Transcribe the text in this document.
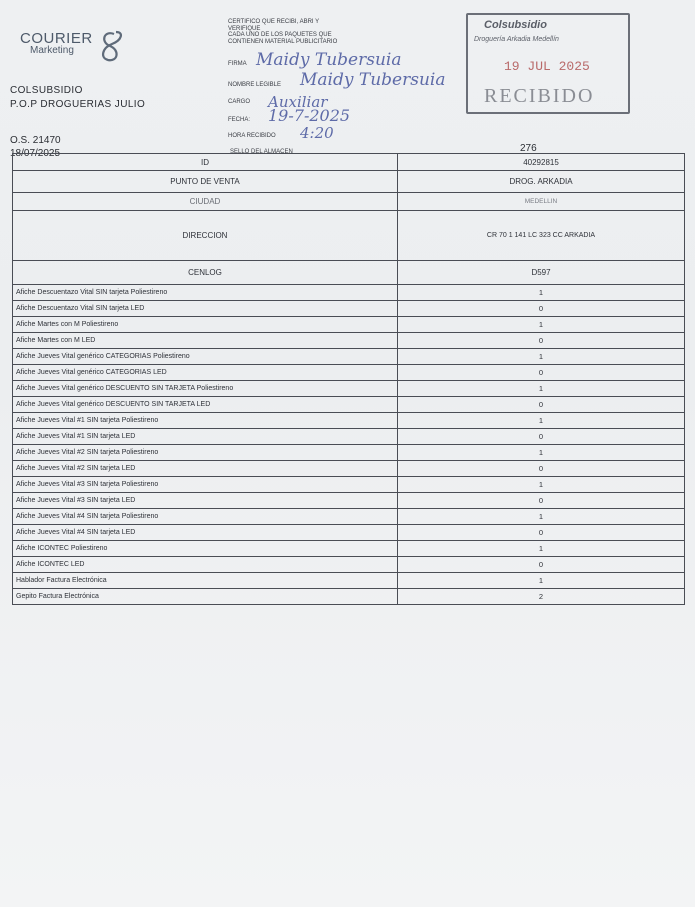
COURIER
Marketing
COLSUBSIDIO
P.O.P DROGUERIAS JULIO
O.S. 21470
18/07/2025
CERTIFICO QUE RECIBI, ABRI Y
VERIFIQUE
CADA UNO DE LOS PAQUETES QUE
CONTIENEN MATERIAL PUBLICITARIO
FIRMA Maidy Tubersuia
NOMBRE LEGIBLE Maidy Tubersuia
CARGO Auxiliar
FECHA: 19-7-2025
HORA RECIBIDO 4:20
SELLO DEL ALMACEN
Colsubsidio
Droguería Arkadia Medellín
19 JUL 2025
RECIBIDO
276
ID	40292815
PUNTO DE VENTA	DROG. ARKADIA
CIUDAD	MEDELLIN
DIRECCION	CR 70 1 141 LC 323 CC ARKADIA
CENLOG	D597
Afiche Descuentazo Vital SIN tarjeta Poliestireno	1
Afiche Descuentazo Vital SIN tarjeta LED	0
Afiche Martes con M Poliestireno	1
Afiche Martes con M LED	0
Afiche Jueves Vital genérico CATEGORIAS Poliestireno	1
Afiche Jueves Vital genérico CATEGORIAS LED	0
Afiche Jueves Vital genérico DESCUENTO SIN TARJETA Poliestireno	1
Afiche Jueves Vital genérico DESCUENTO SIN TARJETA LED	0
Afiche Jueves Vital #1 SIN tarjeta Poliestireno	1
Afiche Jueves Vital #1 SIN tarjeta LED	0
Afiche Jueves Vital #2 SIN tarjeta Poliestireno	1
Afiche Jueves Vital #2 SIN tarjeta LED	0
Afiche Jueves Vital #3 SIN tarjeta Poliestireno	1
Afiche Jueves Vital #3 SIN tarjeta LED	0
Afiche Jueves Vital #4 SIN tarjeta Poliestireno	1
Afiche Jueves Vital #4 SIN tarjeta LED	0
Afiche ICONTEC Poliestireno	1
Afiche ICONTEC LED	0
Hablador Factura Electrónica	1
Gepito Factura Electrónica	2
